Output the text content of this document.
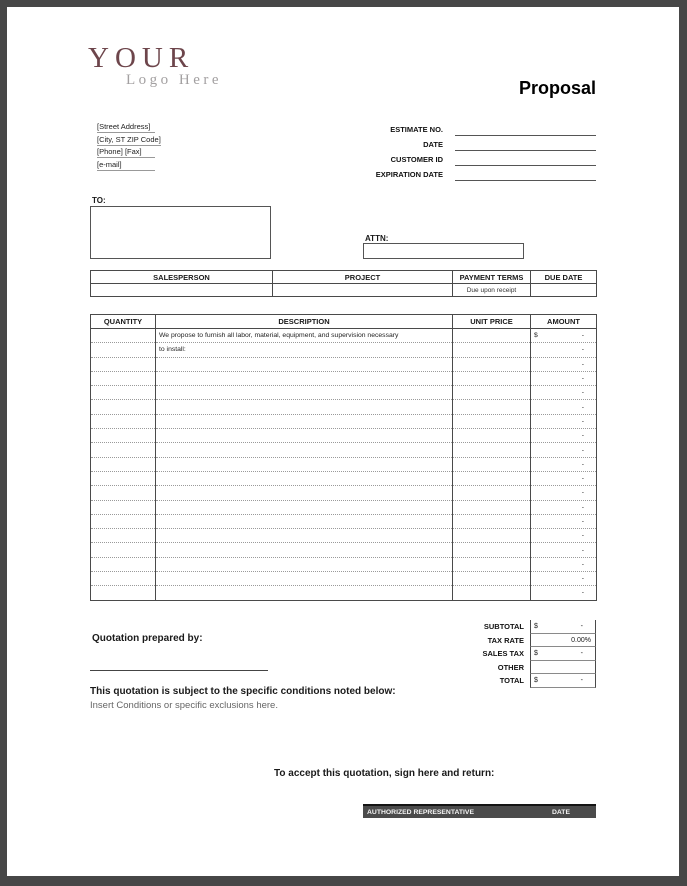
YOUR
Logo Here	Proposal
[Street Address]
[City, ST ZIP Code]
[Phone] [Fax]
[e-mail]
ESTIMATE NO.
DATE
CUSTOMER ID
EXPIRATION DATE
TO:
ATTN:
SALESPERSON	PROJECT	PAYMENT TERMS	DUE DATE
		Due upon receipt	
QUANTITY	DESCRIPTION	UNIT PRICE	AMOUNT
	We propose to furnish all labor, material, equipment, and supervision necessary		$ -

	to install:		-

			-

			-

			-

			-

			-

			-

			-

			-

			-

			-

			-

			-

			-

			-

			-

			-

			-
SUBTOTAL	$	-
TAX RATE	0.00%
SALES TAX	$	-
OTHER
TOTAL	$	-
Quotation prepared by:
This quotation is subject to the specific conditions noted below:
Insert Conditions or specific exclusions here.
To accept this quotation, sign here and return:
AUTHORIZED REPRESENTATIVE	DATE
